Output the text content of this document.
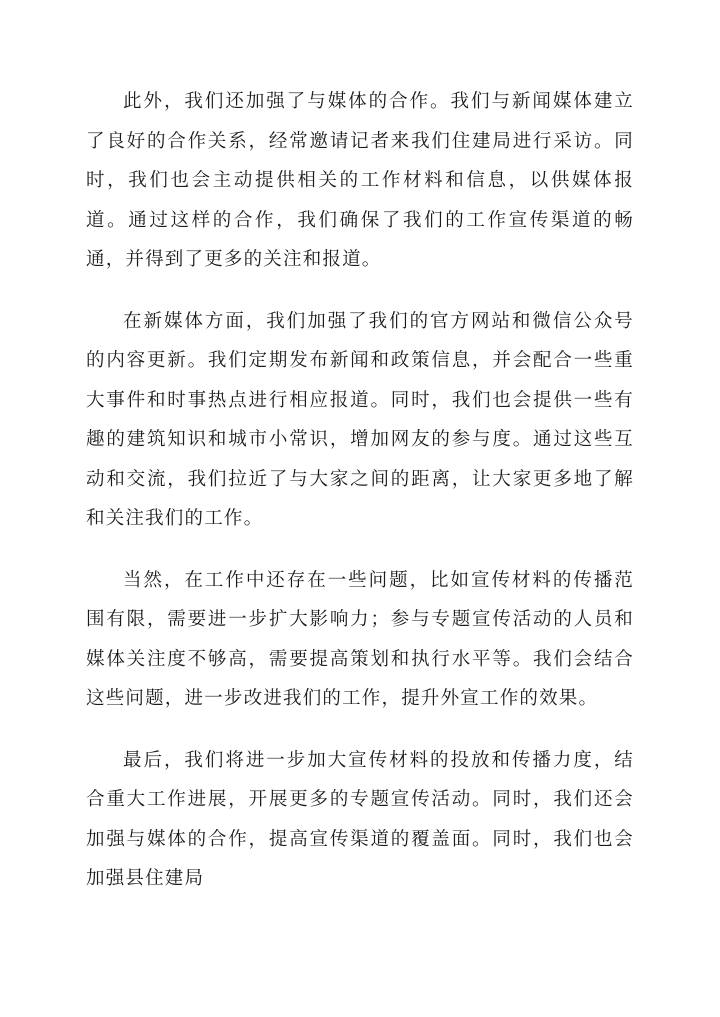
此外，我们还加强了与媒体的合作。我们与新闻媒体建立了良好的合作关系，经常邀请记者来我们住建局进行采访。同时，我们也会主动提供相关的工作材料和信息，以供媒体报道。通过这样的合作，我们确保了我们的工作宣传渠道的畅通，并得到了更多的关注和报道。

在新媒体方面，我们加强了我们的官方网站和微信公众号的内容更新。我们定期发布新闻和政策信息，并会配合一些重大事件和时事热点进行相应报道。同时，我们也会提供一些有趣的建筑知识和城市小常识，增加网友的参与度。通过这些互动和交流，我们拉近了与大家之间的距离，让大家更多地了解和关注我们的工作。

当然，在工作中还存在一些问题，比如宣传材料的传播范围有限，需要进一步扩大影响力；参与专题宣传活动的人员和媒体关注度不够高，需要提高策划和执行水平等。我们会结合这些问题，进一步改进我们的工作，提升外宣工作的效果。

最后，我们将进一步加大宣传材料的投放和传播力度，结合重大工作进展，开展更多的专题宣传活动。同时，我们还会加强与媒体的合作，提高宣传渠道的覆盖面。同时，我们也会加强县住建局
